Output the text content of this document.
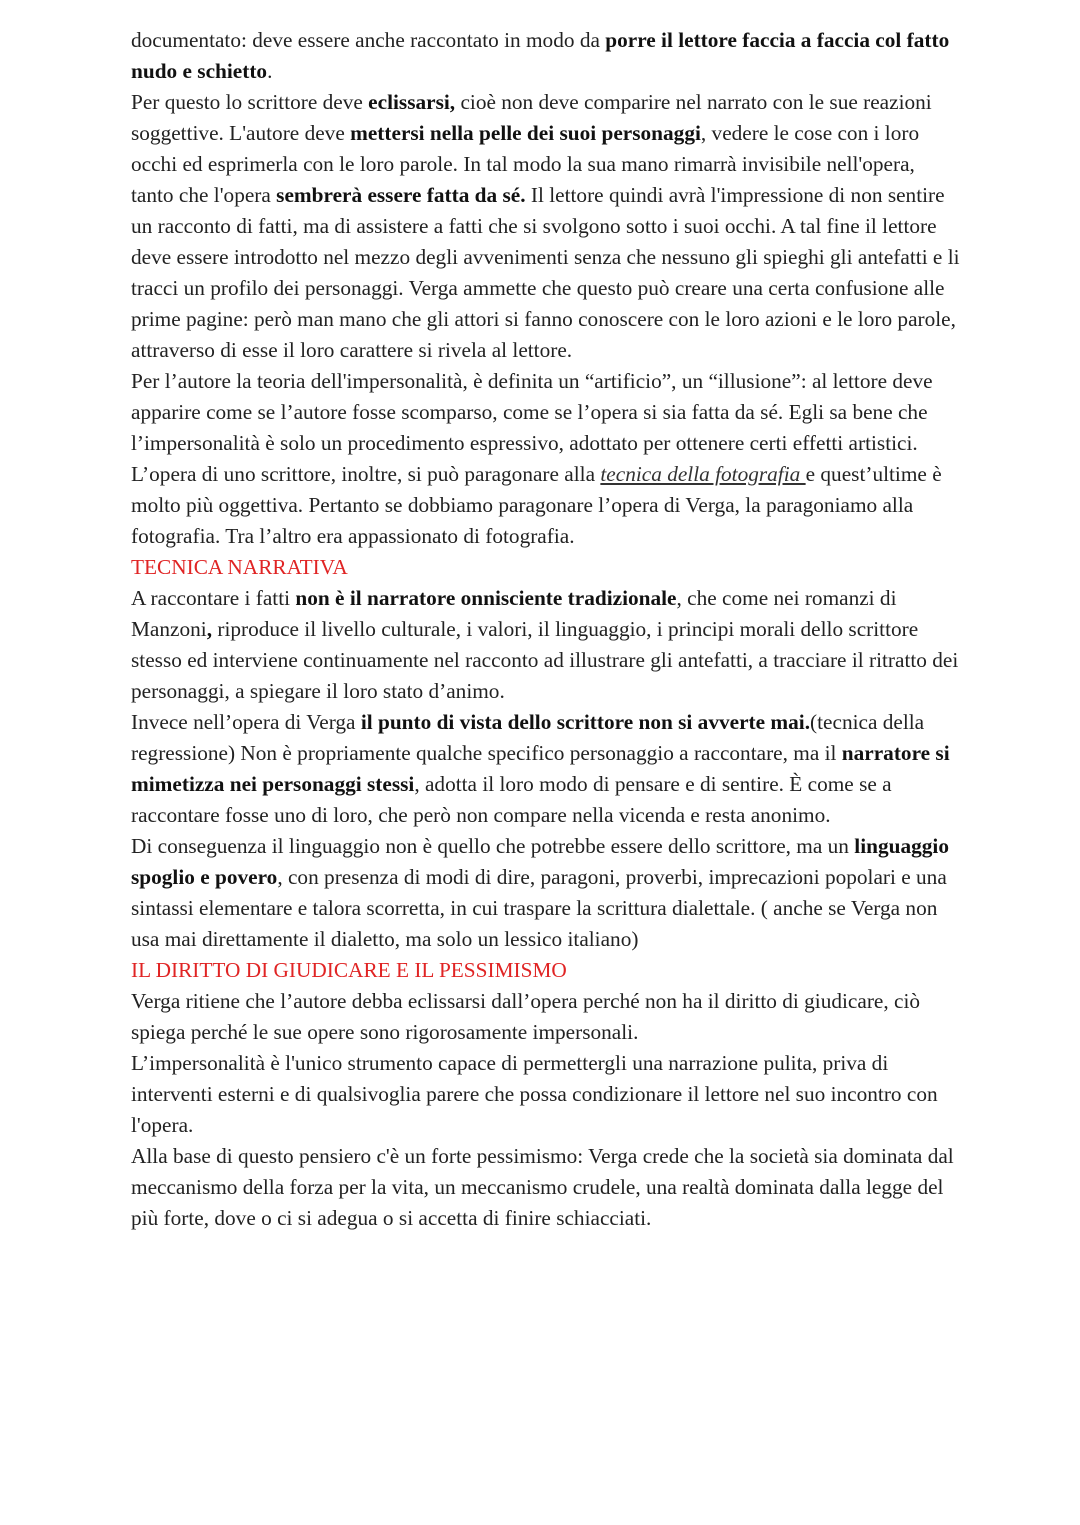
documentato: deve essere anche raccontato in modo da porre il lettore faccia a faccia col fatto nudo e schietto.

Per questo lo scrittore deve eclissarsi, cioè non deve comparire nel narrato con le sue reazioni soggettive. L'autore deve mettersi nella pelle dei suoi personaggi, vedere le cose con i loro occhi ed esprimerla con le loro parole. In tal modo la sua mano rimarrà invisibile nell'opera, tanto che l'opera sembrerà essere fatta da sé. Il lettore quindi avrà l'impressione di non sentire un racconto di fatti, ma di assistere a fatti che si svolgono sotto i suoi occhi. A tal fine il lettore deve essere introdotto nel mezzo degli avvenimenti senza che nessuno gli spieghi gli antefatti e li tracci un profilo dei personaggi. Verga ammette che questo può creare una certa confusione alle prime pagine: però man mano che gli attori si fanno conoscere con le loro azioni e le loro parole, attraverso di esse il loro carattere si rivela al lettore.

Per l’autore la teoria dell'impersonalità, è definita un “artificio”, un “illusione”: al lettore deve apparire come se l’autore fosse scomparso, come se l’opera si sia fatta da sé. Egli sa bene che l’impersonalità è solo un procedimento espressivo, adottato per ottenere certi effetti artistici.

L’opera di uno scrittore, inoltre, si può paragonare alla tecnica della fotografia e quest’ultime è molto più oggettiva. Pertanto se dobbiamo paragonare l’opera di Verga, la paragoniamo alla fotografia. Tra l’altro era appassionato di fotografia.

TECNICA NARRATIVA

A raccontare i fatti non è il narratore onnisciente tradizionale, che come nei romanzi di Manzoni, riproduce il livello culturale, i valori, il linguaggio, i principi morali dello scrittore stesso ed interviene continuamente nel racconto ad illustrare gli antefatti, a tracciare il ritratto dei personaggi, a spiegare il loro stato d’animo.

Invece nell’opera di Verga il punto di vista dello scrittore non si avverte mai.(tecnica della regressione) Non è propriamente qualche specifico personaggio a raccontare, ma il narratore si mimetizza nei personaggi stessi, adotta il loro modo di pensare e di sentire. È come se a raccontare fosse uno di loro, che però non compare nella vicenda e resta anonimo.

Di conseguenza il linguaggio non è quello che potrebbe essere dello scrittore, ma un linguaggio spoglio e povero, con presenza di modi di dire, paragoni, proverbi, imprecazioni popolari e una sintassi elementare e talora scorretta, in cui traspare la scrittura dialettale. ( anche se Verga non usa mai direttamente il dialetto, ma solo un lessico italiano)

IL DIRITTO DI GIUDICARE E IL PESSIMISMO

Verga ritiene che l’autore debba eclissarsi dall’opera perché non ha il diritto di giudicare, ciò spiega perché le sue opere sono rigorosamente impersonali.

L’impersonalità è l'unico strumento capace di permettergli una narrazione pulita, priva di interventi esterni e di qualsivoglia parere che possa condizionare il lettore nel suo incontro con l'opera.

Alla base di questo pensiero c'è un forte pessimismo: Verga crede che la società sia dominata dal meccanismo della forza per la vita, un meccanismo crudele, una realtà dominata dalla legge del più forte, dove o ci si adegua o si accetta di finire schiacciati.
